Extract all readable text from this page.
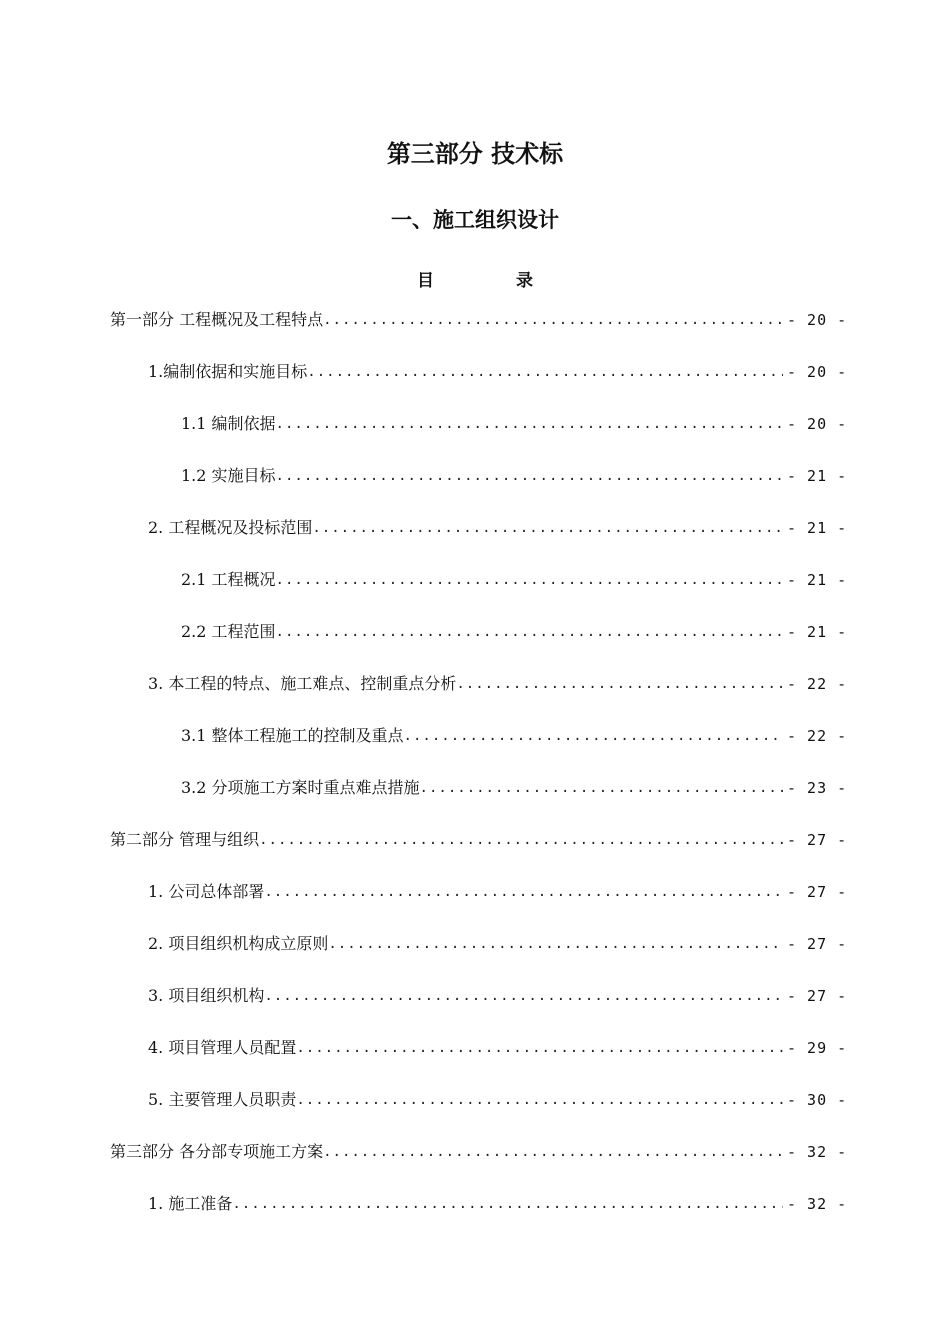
第三部分 技术标
一、施工组织设计
目 录
第一部分 工程概况及工程特点 .....	- 20 -
1.编制依据和实施目标 .....	- 20 -
1.1 编制依据 .....	- 20 -
1.2 实施目标 .....	- 21 -
2. 工程概况及投标范围 .....	- 21 -
2.1 工程概况 .....	- 21 -
2.2 工程范围 .....	- 21 -
3. 本工程的特点、施工难点、控制重点分析 .....	- 22 -
3.1 整体工程施工的控制及重点 .....	- 22 -
3.2 分项施工方案时重点难点措施 .....	- 23 -
第二部分 管理与组织 .....	- 27 -
1. 公司总体部署 .....	- 27 -
2. 项目组织机构成立原则 .....	- 27 -
3. 项目组织机构 .....	- 27 -
4. 项目管理人员配置 .....	- 29 -
5. 主要管理人员职责 .....	- 30 -
第三部分 各分部专项施工方案 .....	- 32 -
1. 施工准备 .....	- 32 -
